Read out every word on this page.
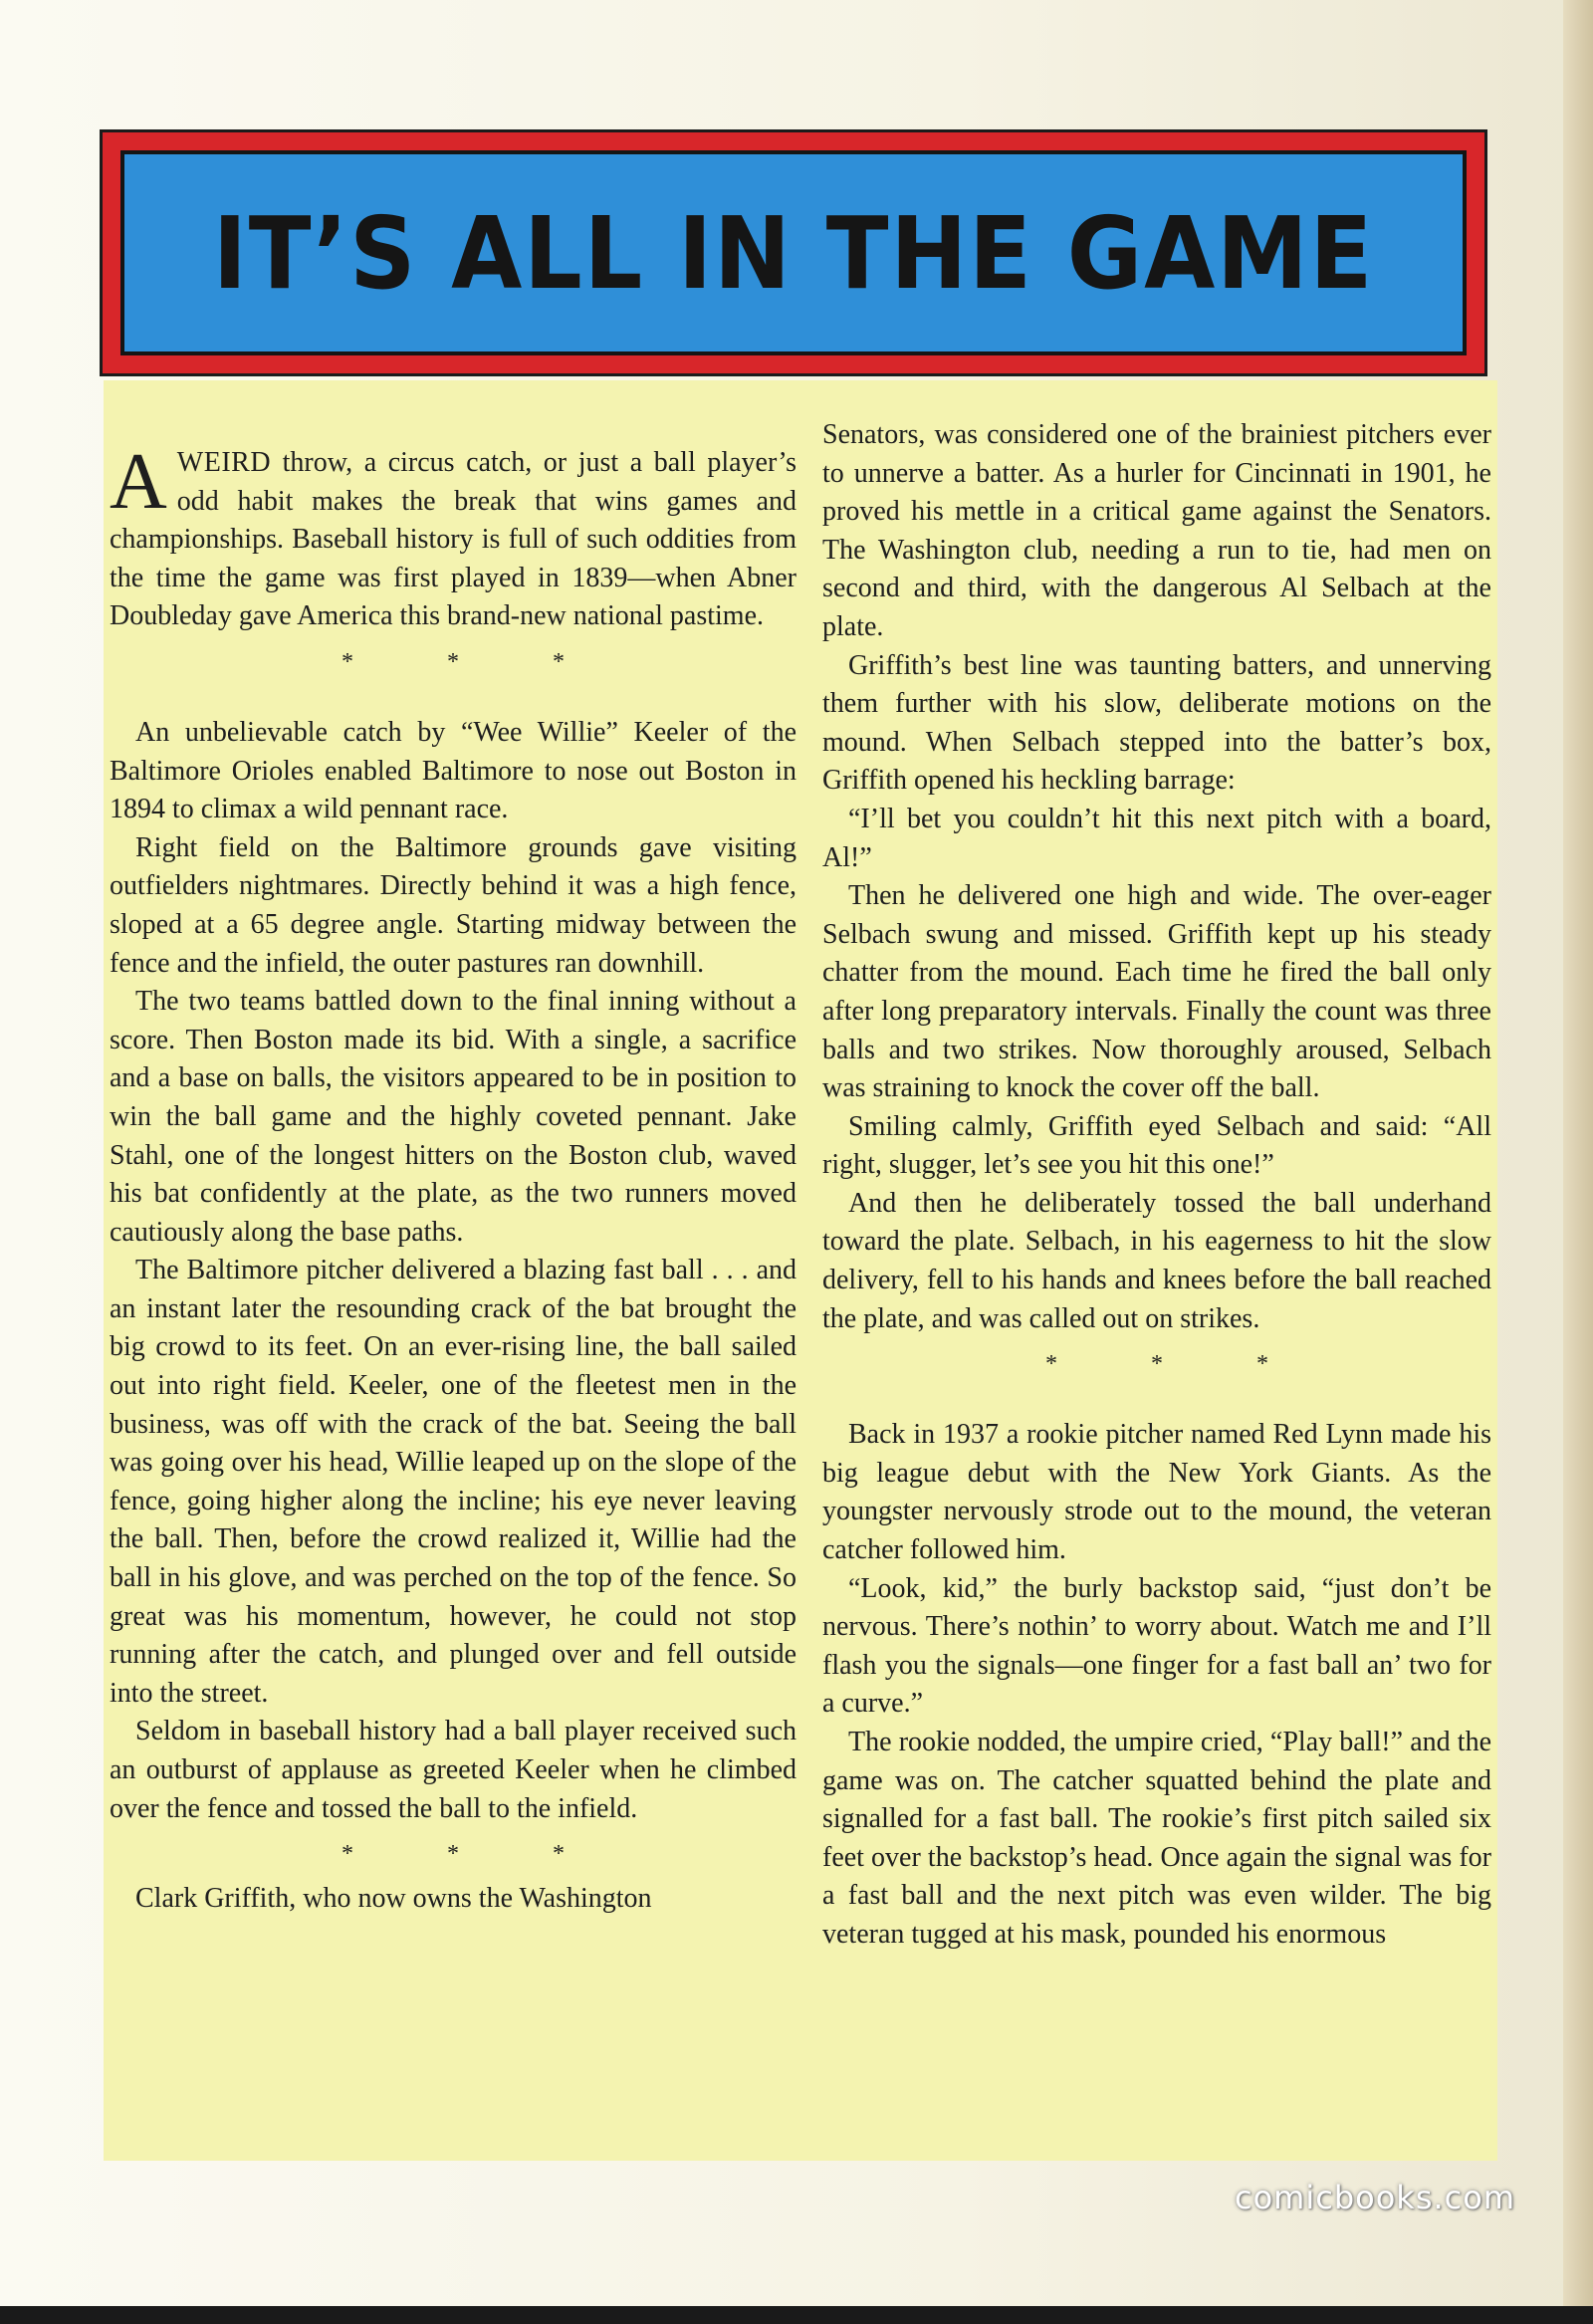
IT’S ALL IN THE GAME

AWEIRD throw, a circus catch, or just a ball player’s odd habit makes the break that wins games and championships. Baseball history is full of such oddities from the time the game was first played in 1839—when Abner Doubleday gave America this brand-new national pastime.

* * *

An unbelievable catch by “Wee Willie” Keeler of the Baltimore Orioles enabled Baltimore to nose out Boston in 1894 to climax a wild pennant race.

Right field on the Baltimore grounds gave visiting outfielders nightmares. Directly behind it was a high fence, sloped at a 65 degree angle. Starting midway between the fence and the infield, the outer pastures ran downhill.

The two teams battled down to the final inning without a score. Then Boston made its bid. With a single, a sacrifice and a base on balls, the visitors appeared to be in position to win the ball game and the highly coveted pennant. Jake Stahl, one of the longest hitters on the Boston club, waved his bat confidently at the plate, as the two runners moved cautiously along the base paths.

The Baltimore pitcher delivered a blazing fast ball . . . and an instant later the resounding crack of the bat brought the big crowd to its feet. On an ever-rising line, the ball sailed out into right field. Keeler, one of the fleetest men in the business, was off with the crack of the bat. Seeing the ball was going over his head, Willie leaped up on the slope of the fence, going higher along the incline; his eye never leaving the ball. Then, before the crowd realized it, Willie had the ball in his glove, and was perched on the top of the fence. So great was his momentum, however, he could not stop running after the catch, and plunged over and fell outside into the street.

Seldom in baseball history had a ball player received such an outburst of applause as greeted Keeler when he climbed over the fence and tossed the ball to the infield.

* * *

Clark Griffith, who now owns the Washington

Senators, was considered one of the brainiest pitchers ever to unnerve a batter. As a hurler for Cincinnati in 1901, he proved his mettle in a critical game against the Senators. The Washington club, needing a run to tie, had men on second and third, with the dangerous Al Selbach at the plate.

Griffith’s best line was taunting batters, and unnerving them further with his slow, deliberate motions on the mound. When Selbach stepped into the batter’s box, Griffith opened his heckling barrage:

“I’ll bet you couldn’t hit this next pitch with a board, Al!”

Then he delivered one high and wide. The over-eager Selbach swung and missed. Griffith kept up his steady chatter from the mound. Each time he fired the ball only after long preparatory intervals. Finally the count was three balls and two strikes. Now thoroughly aroused, Selbach was straining to knock the cover off the ball.

Smiling calmly, Griffith eyed Selbach and said: “All right, slugger, let’s see you hit this one!”

And then he deliberately tossed the ball underhand toward the plate. Selbach, in his eagerness to hit the slow delivery, fell to his hands and knees before the ball reached the plate, and was called out on strikes.

* * *

Back in 1937 a rookie pitcher named Red Lynn made his big league debut with the New York Giants. As the youngster nervously strode out to the mound, the veteran catcher followed him.

“Look, kid,” the burly backstop said, “just don’t be nervous. There’s nothin’ to worry about. Watch me and I’ll flash you the signals—one finger for a fast ball an’ two for a curve.”

The rookie nodded, the umpire cried, “Play ball!” and the game was on. The catcher squatted behind the plate and signalled for a fast ball. The rookie’s first pitch sailed six feet over the backstop’s head. Once again the signal was for a fast ball and the next pitch was even wilder. The big veteran tugged at his mask, pounded his enormous

comicbooks.com
